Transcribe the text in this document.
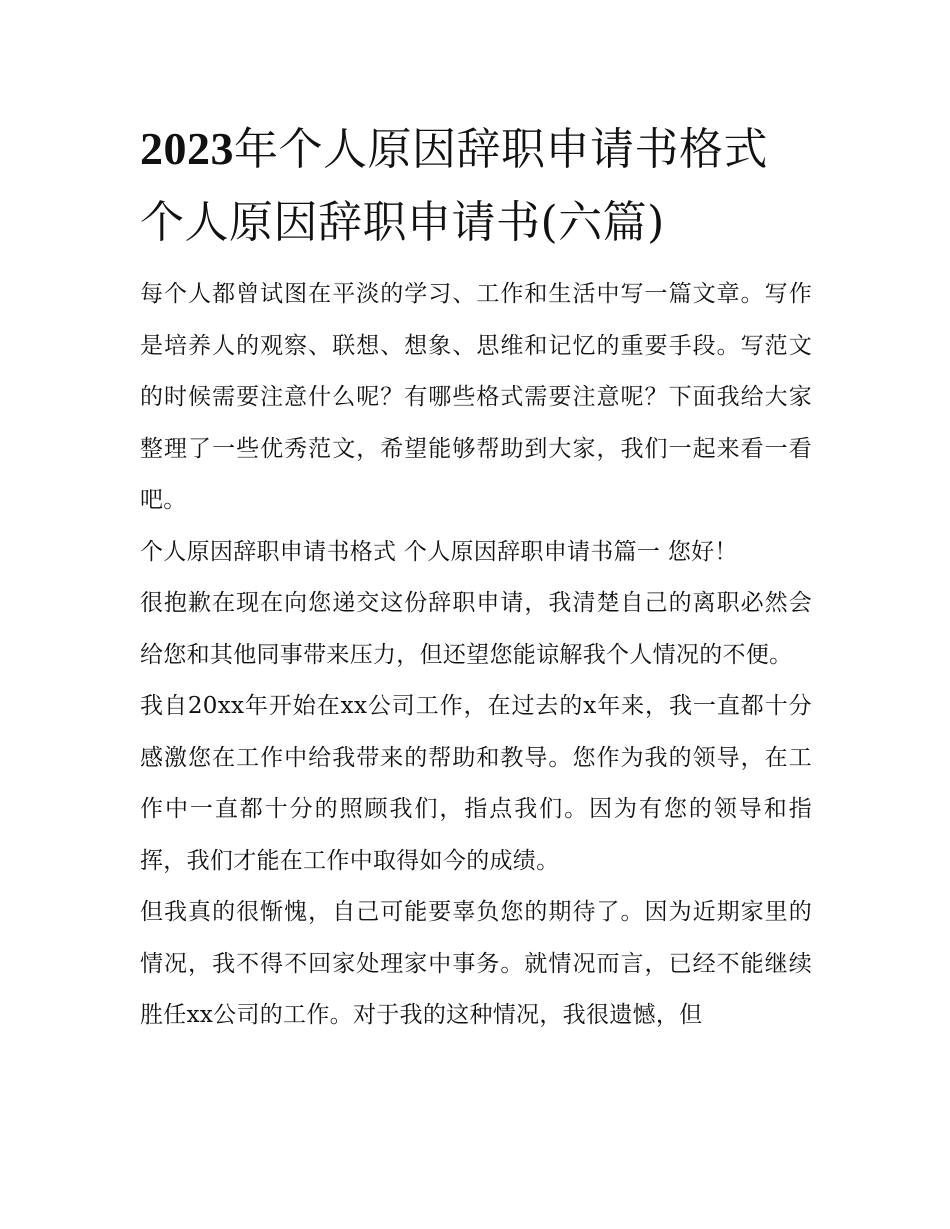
2023年个人原因辞职申请书格式 个人原因辞职申请书(六篇)

每个人都曾试图在平淡的学习、工作和生活中写一篇文章。写作是培养人的观察、联想、想象、思维和记忆的重要手段。写范文的时候需要注意什么呢？有哪些格式需要注意呢？下面我给大家整理了一些优秀范文，希望能够帮助到大家，我们一起来看一看吧。

个人原因辞职申请书格式 个人原因辞职申请书篇一 您好！

很抱歉在现在向您递交这份辞职申请，我清楚自己的离职必然会给您和其他同事带来压力，但还望您能谅解我个人情况的不便。

我自20xx年开始在xx公司工作，在过去的x年来，我一直都十分感激您在工作中给我带来的帮助和教导。您作为我的领导，在工作中一直都十分的照顾我们，指点我们。因为有您的领导和指挥，我们才能在工作中取得如今的成绩。

但我真的很惭愧，自己可能要辜负您的期待了。因为近期家里的情况，我不得不回家处理家中事务。就情况而言，已经不能继续胜任xx公司的工作。对于我的这种情况，我很遗憾，但
